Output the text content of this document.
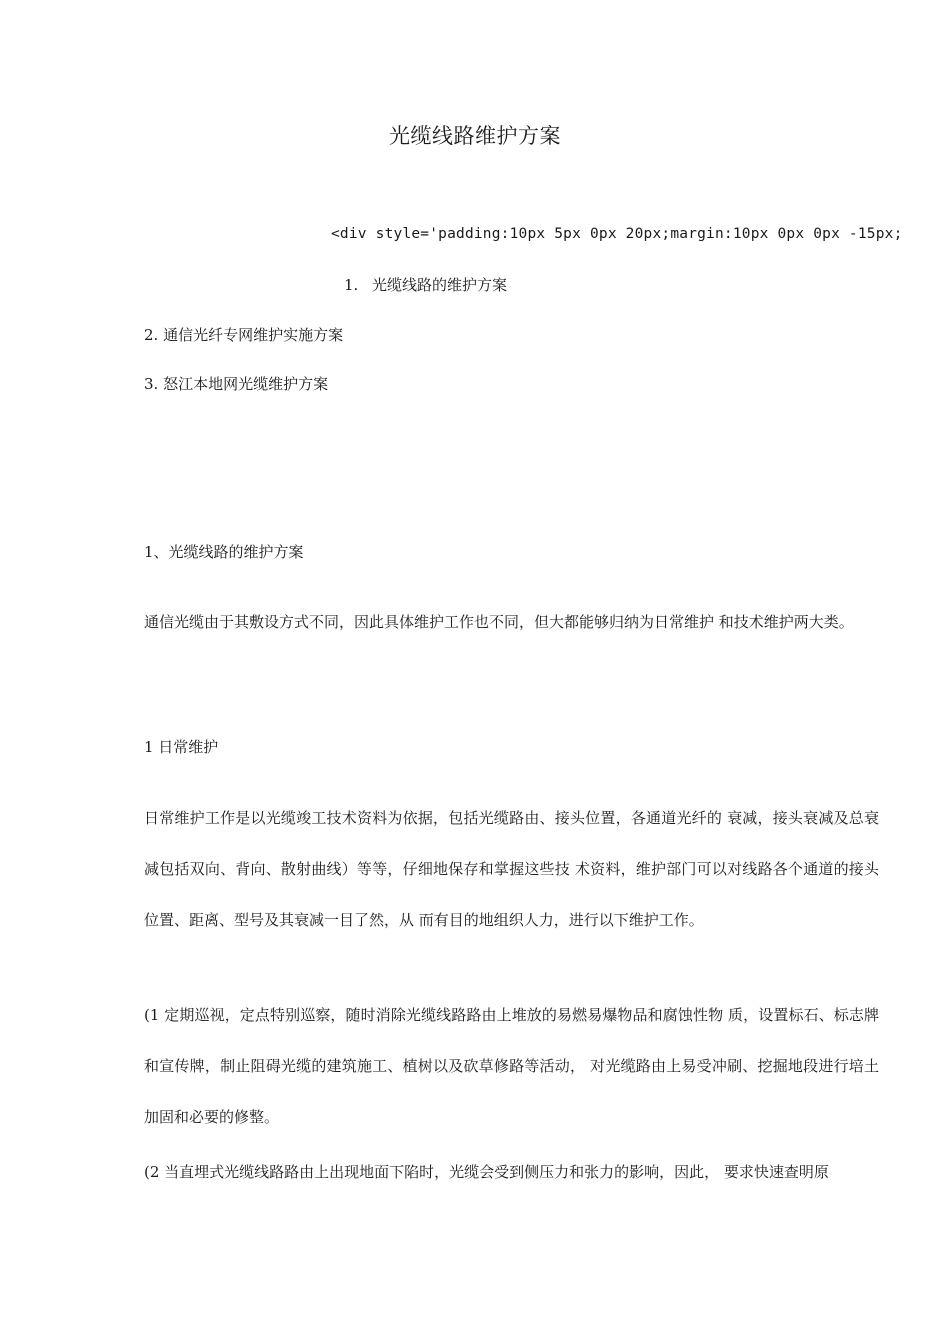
光缆线路维护方案
<div style='padding:10px 5px 0px 20px;margin:10px 0px 0px -15px;
1. 光缆线路的维护方案
2. 通信光纤专网维护实施方案
3. 怒江本地网光缆维护方案
1、光缆线路的维护方案
通信光缆由于其敷设方式不同，因此具体维护工作也不同，但大都能够归纳为日常维护 和技术维护两大类。
1 日常维护
日常维护工作是以光缆竣工技术资料为依据，包括光缆路由、接头位置，各通道光纤的 衰减，接头衰减及总衰减包括双向、背向、散射曲线）等等，仔细地保存和掌握这些技 术资料，维护部门可以对线路各个通道的接头位置、距离、型号及其衰减一目了然，从 而有目的地组织人力，进行以下维护工作。
(1 定期巡视，定点特别巡察，随时消除光缆线路路由上堆放的易燃易爆物品和腐蚀性物 质，设置标石、标志牌和宣传牌，制止阻碍光缆的建筑施工、植树以及砍草修路等活动， 对光缆路由上易受冲刷、挖掘地段进行培土加固和必要的修整。
(2 当直埋式光缆线路路由上出现地面下陷时，光缆会受到侧压力和张力的影响，因此， 要求快速查明原
